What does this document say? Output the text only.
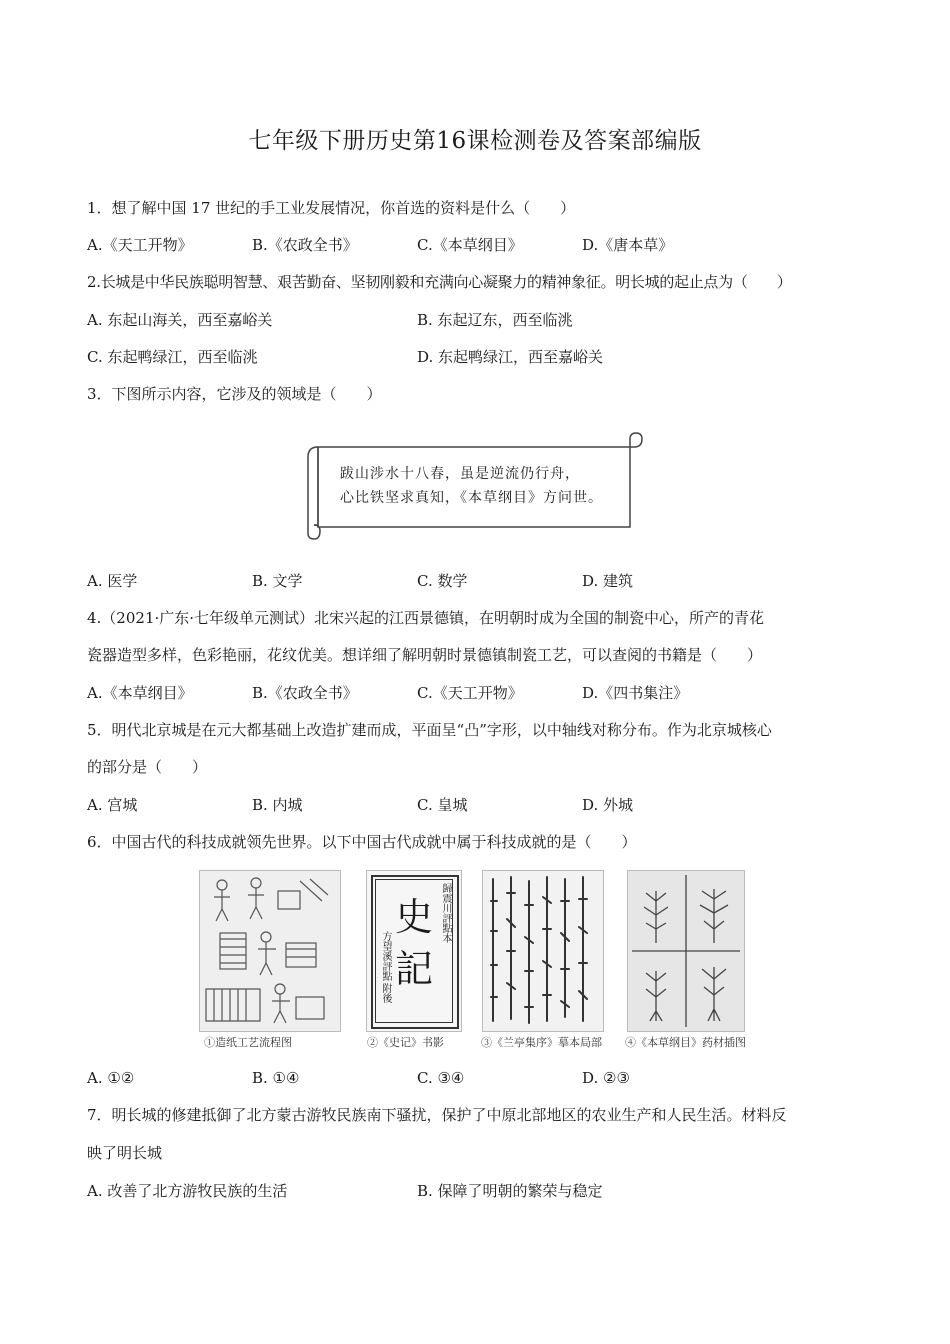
七年级下册历史第16课检测卷及答案部编版
1．想了解中国 17 世纪的手工业发展情况，你首选的资料是什么（　　）
A.《天工开物》	B.《农政全书》	C.《本草纲目》	D.《唐本草》
2.长城是中华民族聪明智慧、艰苦勤奋、坚韧刚毅和充满向心凝聚力的精神象征。明长城的起止点为（　　）
A. 东起山海关，西至嘉峪关	B. 东起辽东，西至临洮
C. 东起鸭绿江，西至临洮	D. 东起鸭绿江，西至嘉峪关
3．下图所示内容，它涉及的领域是（　　）
跋山涉水十八春，虽是逆流仍行舟，
心比铁坚求真知，《本草纲目》方问世。
A. 医学	B. 文学	C. 数学	D. 建筑
4.（2021·广东·七年级单元测试）北宋兴起的江西景德镇，在明朝时成为全国的制瓷中心，所产的青花
瓷器造型多样，色彩艳丽，花纹优美。想详细了解明朝时景德镇制瓷工艺，可以查阅的书籍是（　　）
A.《本草纲目》	B.《农政全书》	C.《天工开物》	D.《四书集注》
5．明代北京城是在元大都基础上改造扩建而成，平面呈“凸”字形，以中轴线对称分布。作为北京城核心
的部分是（　　）
A. 宫城	B. 内城	C. 皇城	D. 外城
6．中国古代的科技成就领先世界。以下中国古代成就中属于科技成就的是（　　）
史
記
方望溪評點
附後
歸震川評點本
①造纸工艺流程图	②《史记》书影	③《兰亭集序》摹本局部 ④《本草纲目》药材插图
A. ①②	B. ①④	C. ③④	D. ②③
7．明长城的修建抵御了北方蒙古游牧民族南下骚扰，保护了中原北部地区的农业生产和人民生活。材料反
映了明长城
A. 改善了北方游牧民族的生活	B. 保障了明朝的繁荣与稳定
